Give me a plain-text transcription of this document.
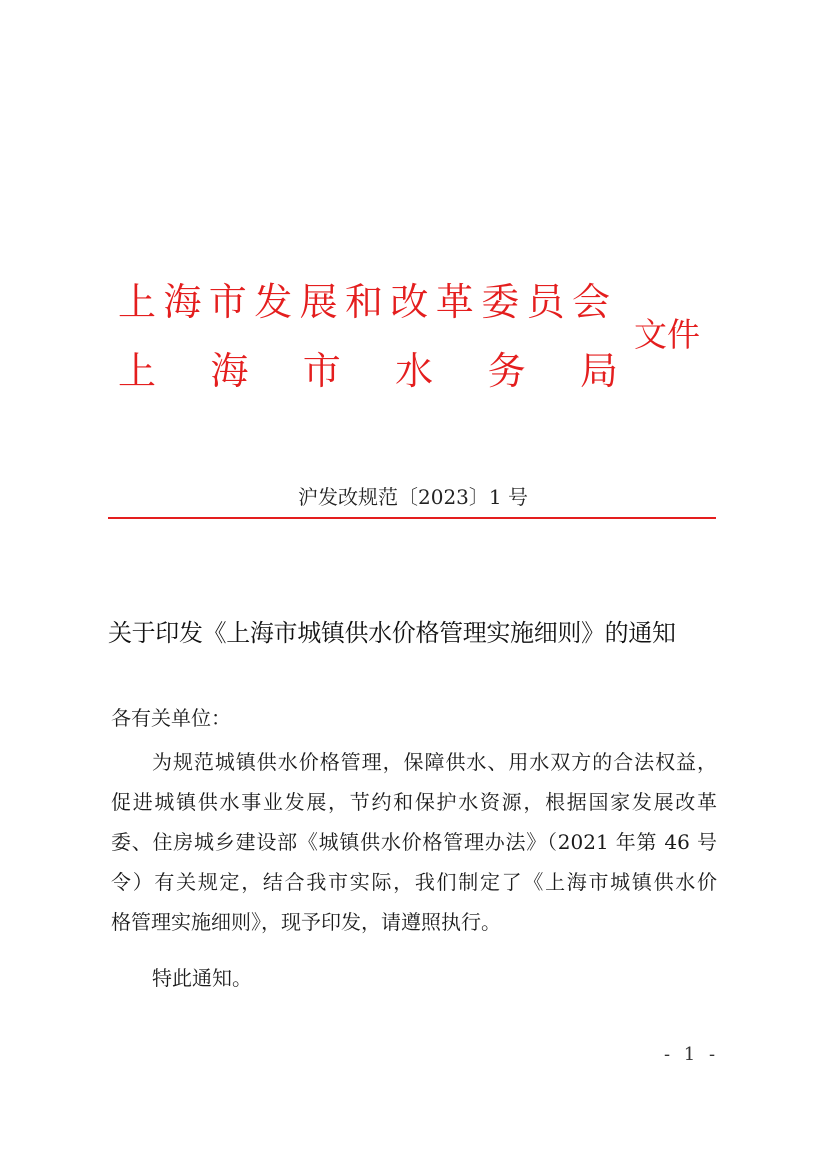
上海市发展和改革委员会
上 海 市 水 务 局
文件
沪发改规范〔2023〕1 号
关于印发《上海市城镇供水价格管理实施细则》的通知
各有关单位：
为规范城镇供水价格管理，保障供水、用水双方的合法权益，
促进城镇供水事业发展，节约和保护水资源，根据国家发展改革
委、住房城乡建设部《城镇供水价格管理办法》（2021 年第 46 号
令）有关规定，结合我市实际，我们制定了《上海市城镇供水价
格管理实施细则》，现予印发，请遵照执行。
特此通知。
- 1 -
